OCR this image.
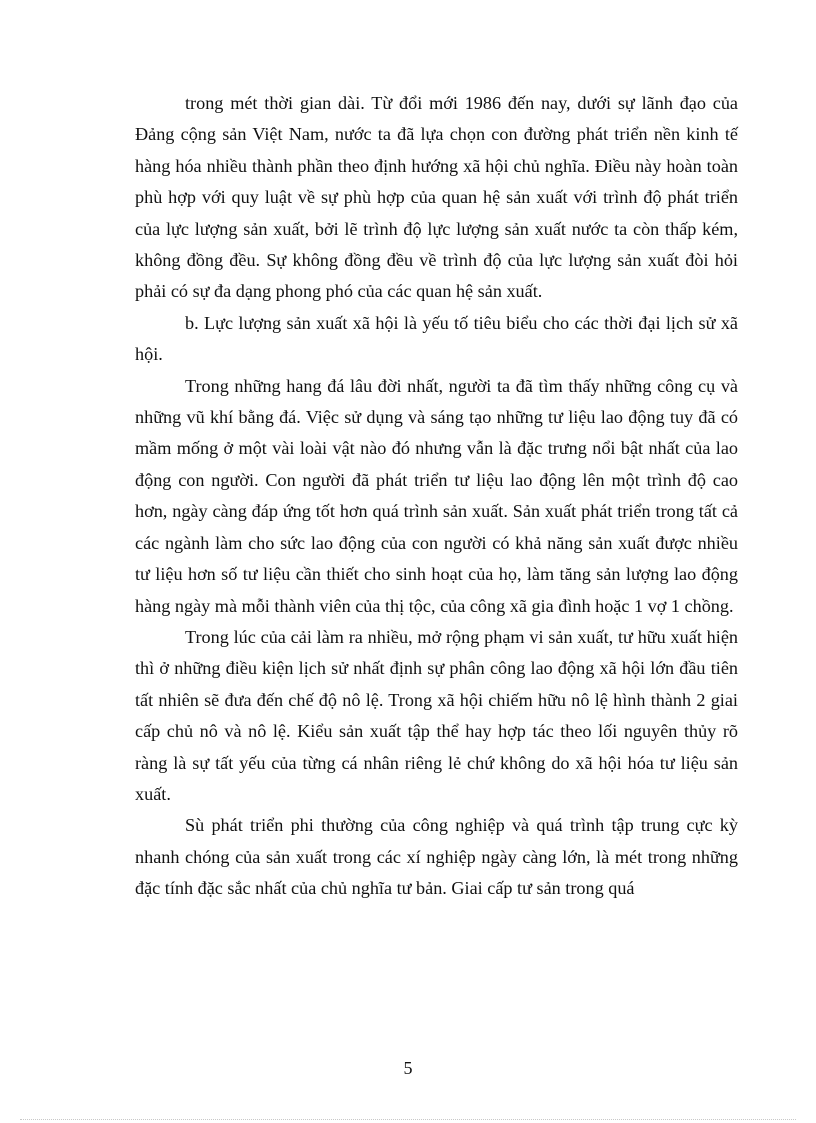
trong mét thời gian dài. Từ đổi mới 1986 đến nay, dưới sự lãnh đạo của Đảng cộng sản Việt Nam, nước ta đã lựa chọn con đường phát triển nền kinh tế hàng hóa nhiều thành phần theo định hướng xã hội chủ nghĩa. Điều này hoàn toàn phù hợp với quy luật về sự phù hợp của quan hệ sản xuất với trình độ phát triển của lực lượng sản xuất, bởi lẽ trình độ lực lượng sản xuất nước ta còn thấp kém, không đồng đều. Sự không đồng đều về trình độ của lực lượng sản xuất đòi hỏi phải có sự đa dạng phong phó của các quan hệ sản xuất.

b. Lực lượng sản xuất xã hội là yếu tố tiêu biểu cho các thời đại lịch sử xã hội.

Trong những hang đá lâu đời nhất, người ta đã tìm thấy những công cụ và những vũ khí bằng đá. Việc sử dụng và sáng tạo những tư liệu lao động tuy đã có mầm mống ở một vài loài vật nào đó nhưng vẫn là đặc trưng nổi bật nhất của lao động con người. Con người đã phát triển tư liệu lao động lên một trình độ cao hơn, ngày càng đáp ứng tốt hơn quá trình sản xuất. Sản xuất phát triển trong tất cả các ngành làm cho sức lao động của con người có khả năng sản xuất được nhiều tư liệu hơn số tư liệu cần thiết cho sinh hoạt của họ, làm tăng sản lượng lao động hàng ngày mà mỗi thành viên của thị tộc, của công xã gia đình hoặc 1 vợ 1 chồng.

Trong lúc của cải làm ra nhiều, mở rộng phạm vi sản xuất, tư hữu xuất hiện thì ở những điều kiện lịch sử nhất định sự phân công lao động xã hội lớn đầu tiên tất nhiên sẽ đưa đến chế độ nô lệ. Trong xã hội chiếm hữu nô lệ hình thành 2 giai cấp chủ nô và nô lệ. Kiểu sản xuất tập thể hay hợp tác theo lối nguyên thủy rõ ràng là sự tất yếu của từng cá nhân riêng lẻ chứ không do xã hội hóa tư liệu sản xuất.

Sù phát triển phi thường của công nghiệp và quá trình tập trung cực kỳ nhanh chóng của sản xuất trong các xí nghiệp ngày càng lớn, là mét trong những đặc tính đặc sắc nhất của chủ nghĩa tư bản. Giai cấp tư sản trong quá

5
